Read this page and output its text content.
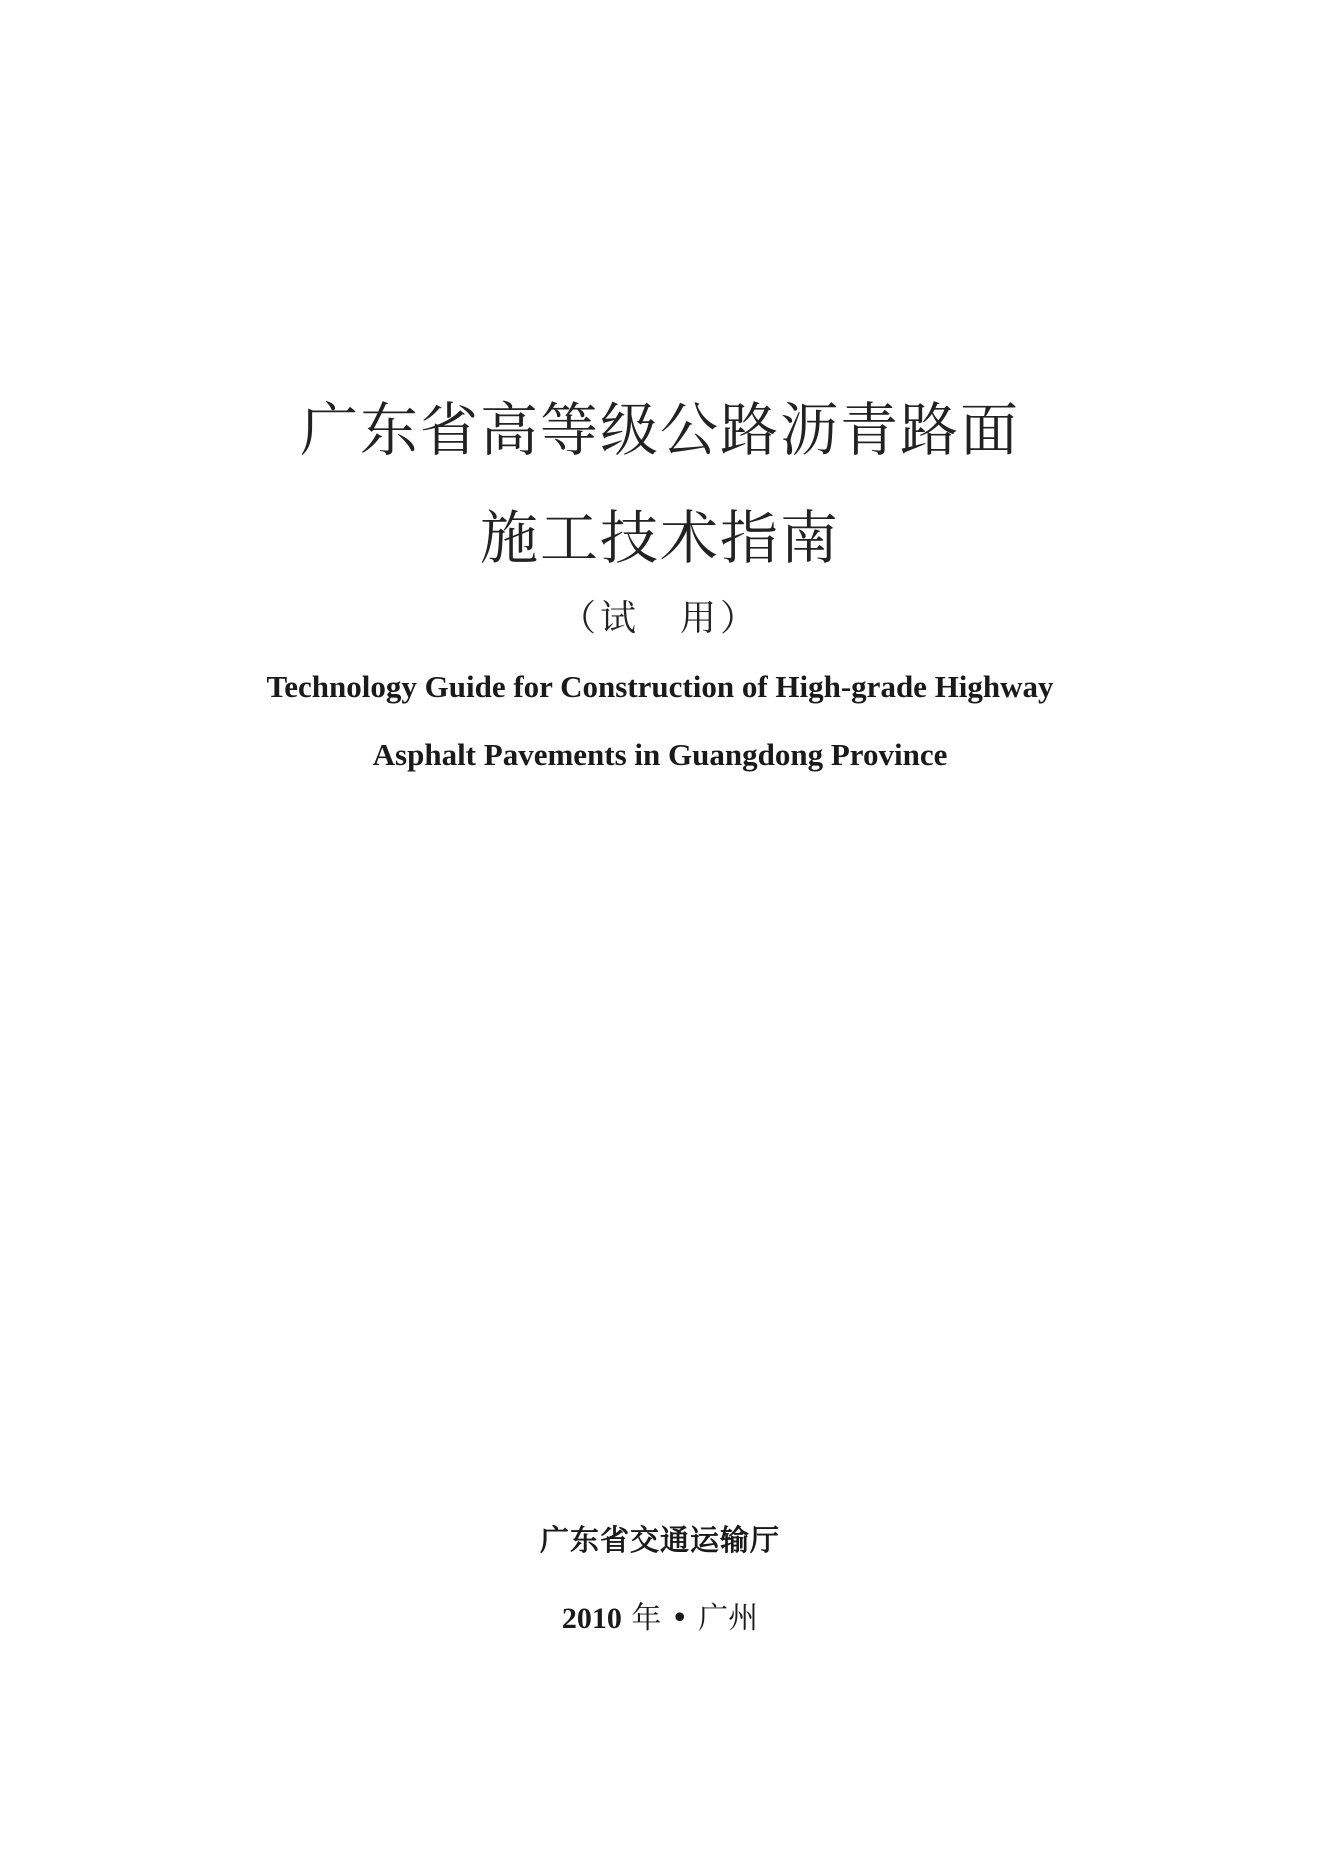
广东省高等级公路沥青路面
施工技术指南
（试　用）
Technology Guide for Construction of High-grade Highway
Asphalt Pavements in Guangdong Province
广东省交通运输厅
2010 年 • 广州
